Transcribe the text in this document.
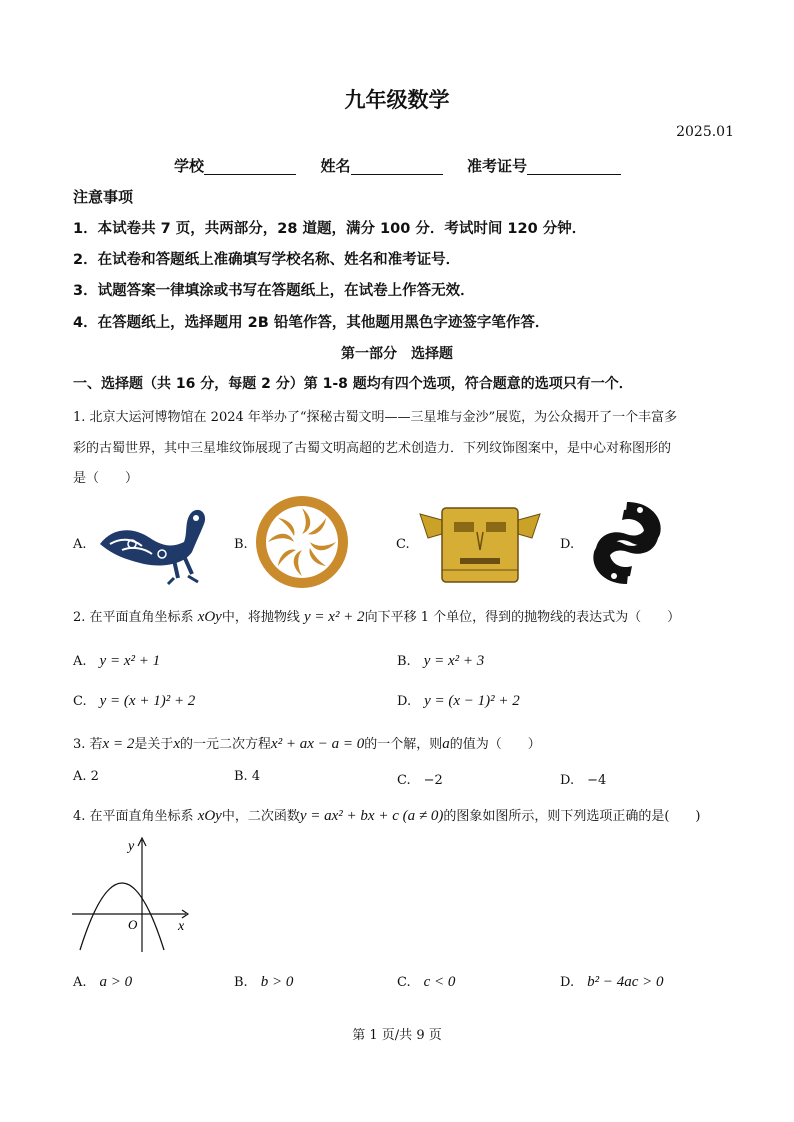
九年级数学
2025.01
学校	姓名	准考证号
注意事项
1．本试卷共 7 页，共两部分，28 道题，满分 100 分．考试时间 120 分钟．
2．在试卷和答题纸上准确填写学校名称、姓名和准考证号．
3．试题答案一律填涂或书写在答题纸上，在试卷上作答无效．
4．在答题纸上，选择题用 2B 铅笔作答，其他题用黑色字迹签字笔作答．
第一部分　选择题
一、选择题（共 16 分，每题 2 分）第 1-8 题均有四个选项，符合题意的选项只有一个．
1. 北京大运河博物馆在 2024 年举办了“探秘古蜀文明——三星堆与金沙”展览，为公众揭开了一个丰富多
彩的古蜀世界，其中三星堆纹饰展现了古蜀文明高超的艺术创造力．下列纹饰图案中，是中心对称图形的
是（　　）
A.	B.	C.	D.
2. 在平面直角坐标系 xOy中，将抛物线 y = x² + 2向下平移 1 个单位，得到的抛物线的表达式为（　　）
A.　 y = x² + 1	B.　 y = x² + 3
C.　 y = (x + 1)² + 2	D.　 y = (x − 1)² + 2
3. 若x = 2是关于x的一元二次方程x² + ax − a = 0的一个解，则a的值为（　　）
A. 2	B. 4	C.　 −2	D.　 −4
4. 在平面直角坐标系 xOy中，二次函数y = ax² + bx + c (a ≠ 0)的图象如图所示，则下列选项正确的是(　　)
y
x
O
A.　 a > 0	B.　 b > 0	C.　 c < 0	D.　 b² − 4ac > 0
第 1 页/共 9 页
